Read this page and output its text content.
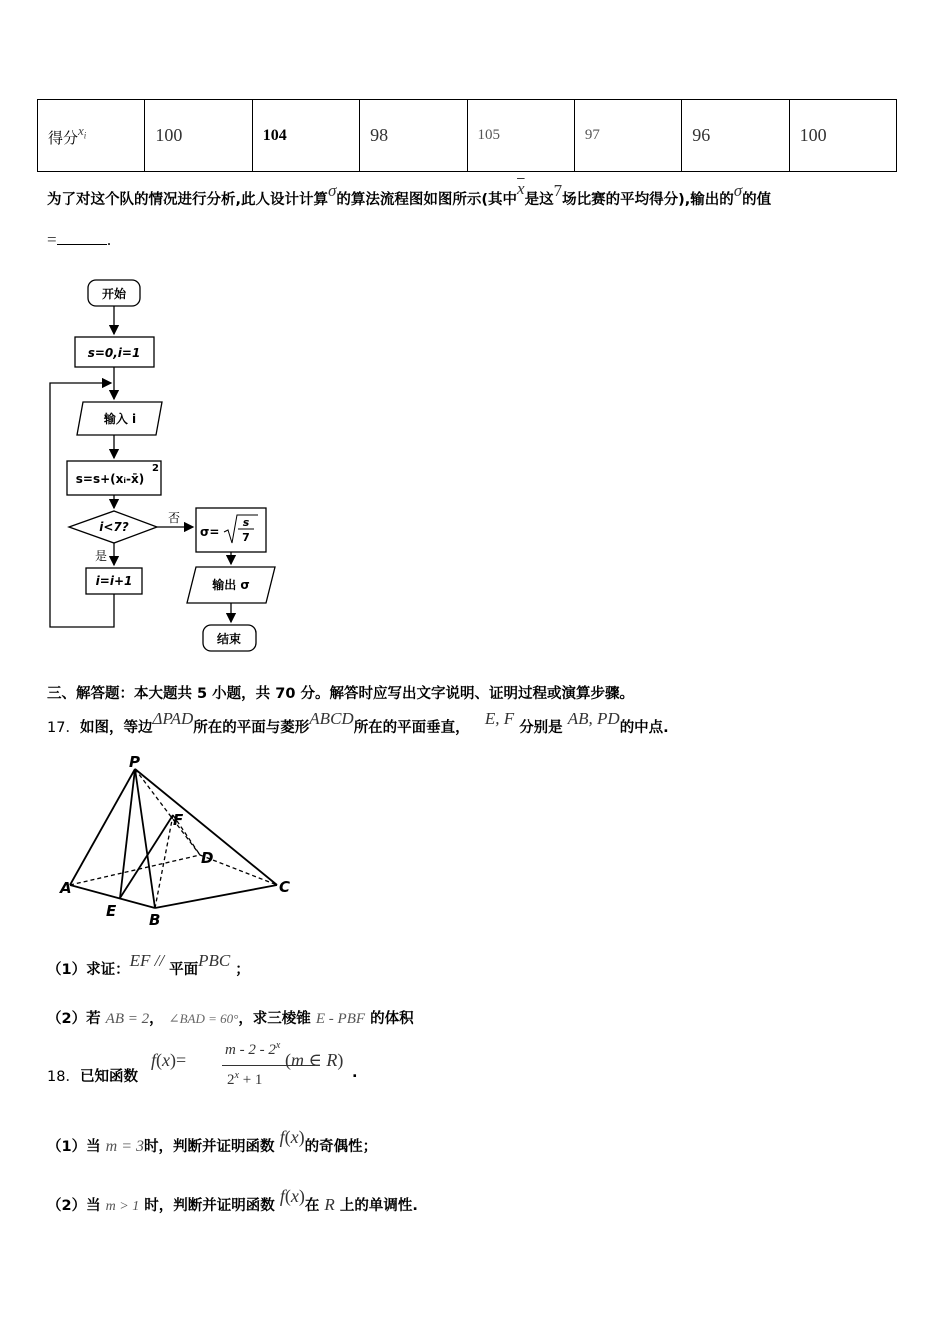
得分$^{x_i}$	100	104	98	105	97	96	100
为了对这个队的情况进行分析,此人设计计算σ的算法流程图如图所示(其中$\overline{x}$是这7场比赛的平均得分),输出的σ的值
=	.
开始
s=0,i=1
输入 i
s=s+(xᵢ-x̄)
2
i<7?
否
是
i=i+1
σ=
s
7
输出 σ
结束
三、解答题：本大题共 5 小题，共 70 分。解答时应写出文字说明、证明过程或演算步骤。
17．如图，等边ΔPAD所在的平面与菱形ABCD所在的平面垂直， E, F 分别是 AB, PD的中点.
P
F
D
A
E B
C
（1）求证：EF // 平面PBC ；
（2）若 AB = 2， ∠BAD = 60°，求三棱锥 E - PBF 的体积
18． 已知函数
f(x)=	m - 2 - 2$^x$
$2^x + 1$
(m ∈ R)
.
（1）当 m = 3时，判断并证明函数 f(x)的奇偶性；
（2）当 m > 1 时，判断并证明函数 f(x)在 R 上的单调性.
